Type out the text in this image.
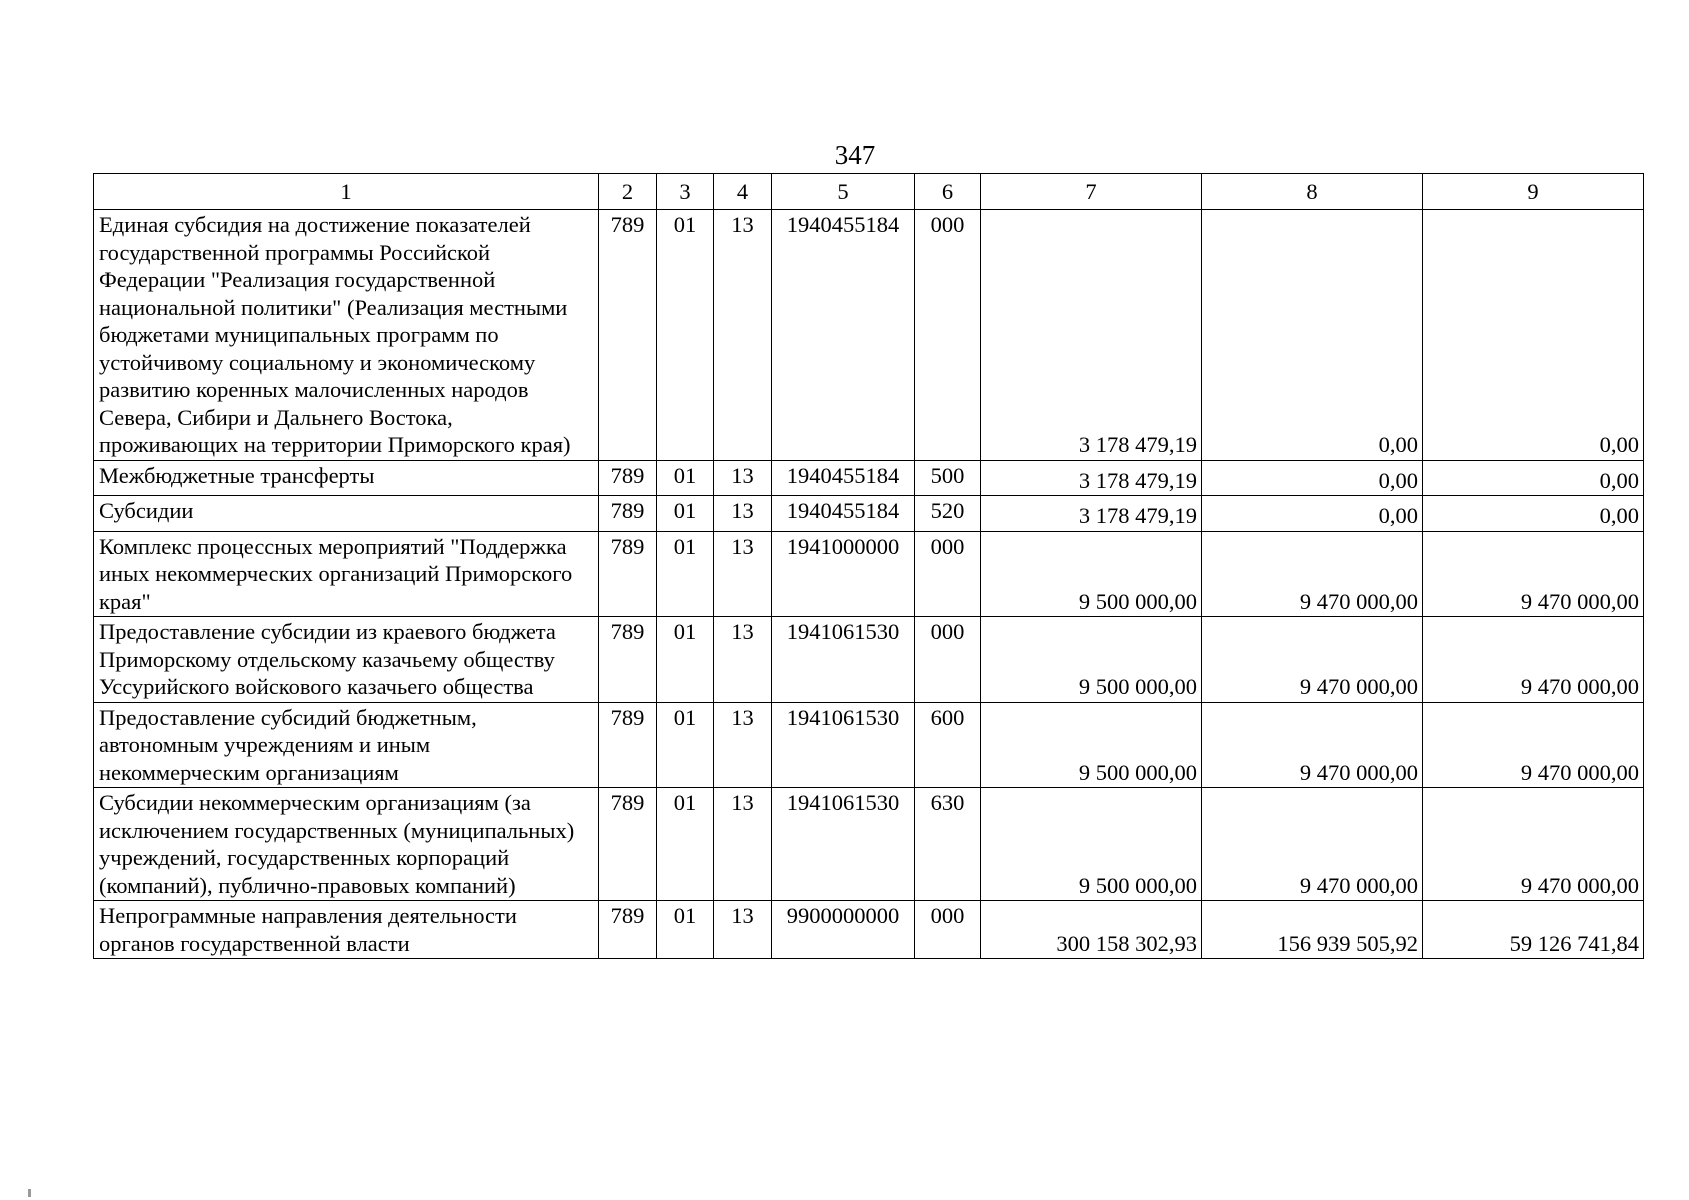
347
1	2	3	4	5	6	7	8	9
Единая субсидия на достижение показателей государственной программы Российской Федерации "Реализация государственной национальной политики" (Реализация местными бюджетами муниципальных программ по устойчивому социальному и экономическому развитию коренных малочисленных народов Севера, Сибири и Дальнего Востока, проживающих на территории Приморского края)	789	01	13	1940455184	000	3 178 479,19	0,00	0,00
Межбюджетные трансферты	789	01	13	1940455184	500	3 178 479,19	0,00	0,00
Субсидии	789	01	13	1940455184	520	3 178 479,19	0,00	0,00
Комплекс процессных мероприятий "Поддержка иных некоммерческих организаций Приморского края"	789	01	13	1941000000	000	9 500 000,00	9 470 000,00	9 470 000,00
Предоставление субсидии из краевого бюджета Приморскому отдельскому казачьему обществу Уссурийского войскового казачьего общества	789	01	13	1941061530	000	9 500 000,00	9 470 000,00	9 470 000,00
Предоставление субсидий бюджетным, автономным учреждениям и иным некоммерческим организациям	789	01	13	1941061530	600	9 500 000,00	9 470 000,00	9 470 000,00
Субсидии некоммерческим организациям (за исключением государственных (муниципальных) учреждений, государственных корпораций (компаний), публично-правовых компаний)	789	01	13	1941061530	630	9 500 000,00	9 470 000,00	9 470 000,00
Непрограммные направления деятельности органов государственной власти	789	01	13	9900000000	000	300 158 302,93	156 939 505,92	59 126 741,84
